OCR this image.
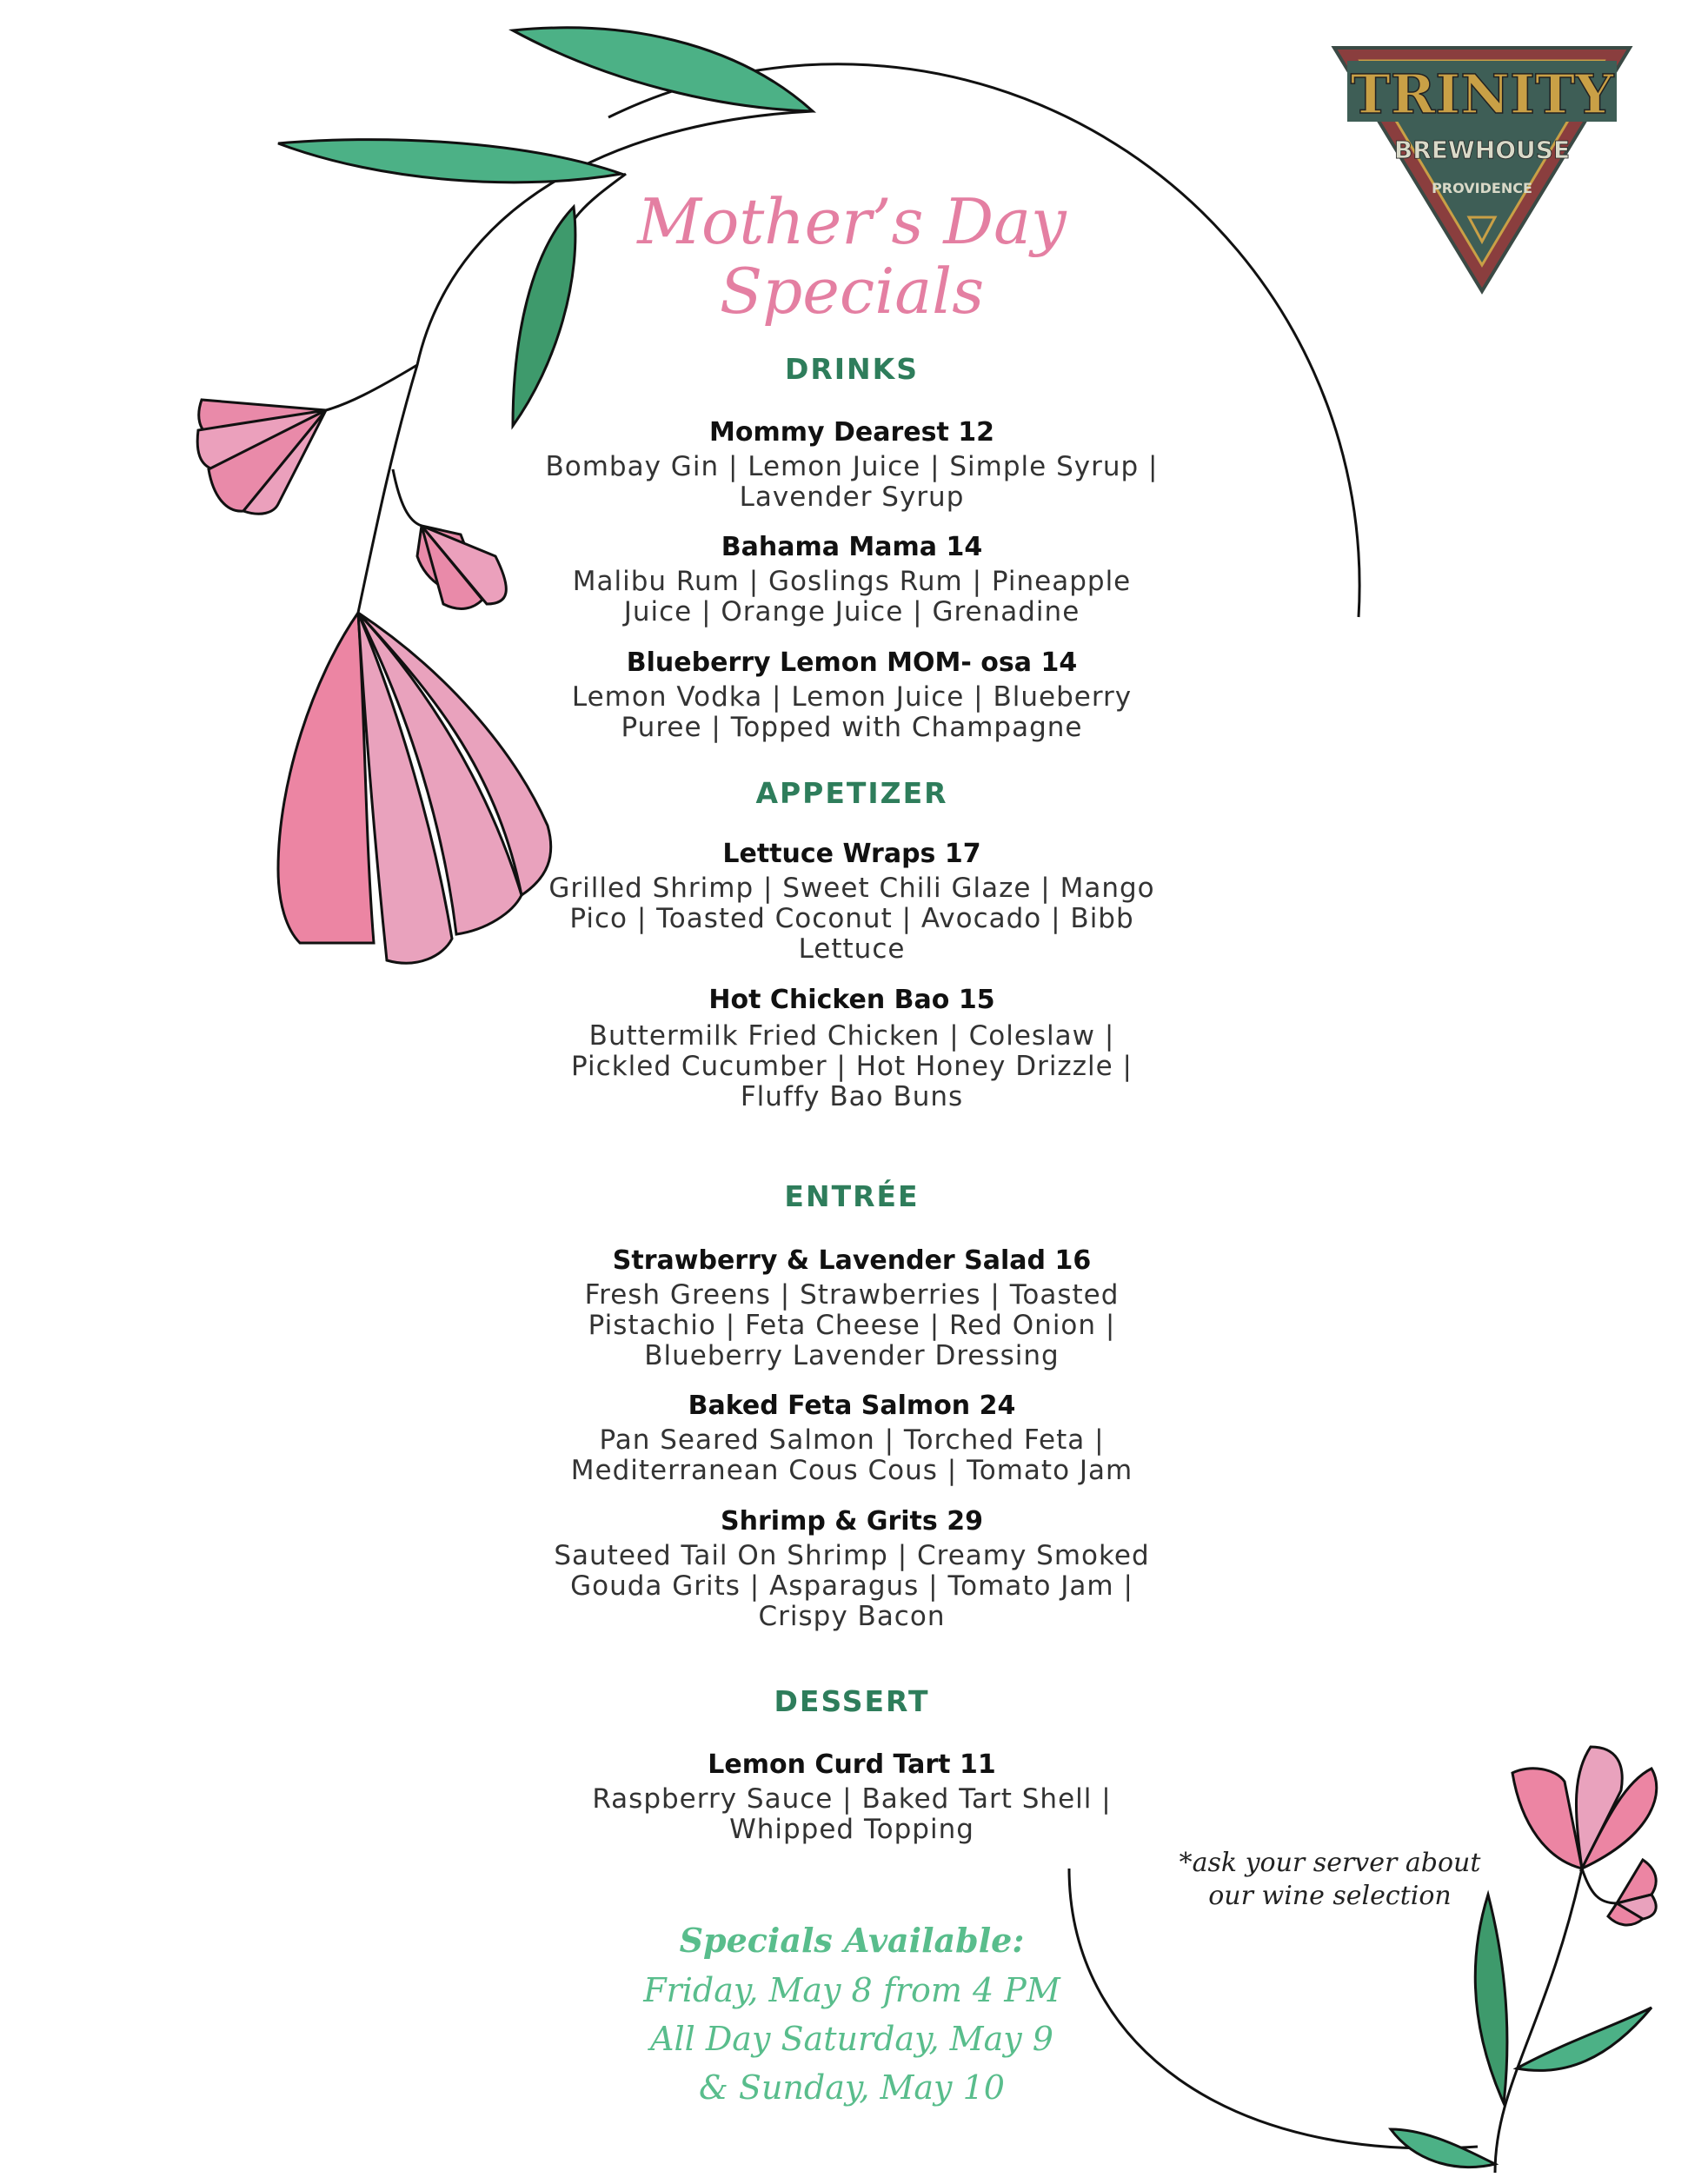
TRINITY
BREWHOUSE
PROVIDENCE
Mother’s Day
Specials
DRINKS
Mommy Dearest 12
Bombay Gin | Lemon Juice | Simple Syrup |
Lavender Syrup
Bahama Mama 14
Malibu Rum | Goslings Rum | Pineapple
Juice | Orange Juice | Grenadine
Blueberry Lemon MOM- osa 14
Lemon Vodka | Lemon Juice | Blueberry
Puree | Topped with Champagne
APPETIZER
Lettuce Wraps 17
Grilled Shrimp | Sweet Chili Glaze | Mango
Pico | Toasted Coconut | Avocado | Bibb
Lettuce
Hot Chicken Bao 15
Buttermilk Fried Chicken | Coleslaw |
Pickled Cucumber | Hot Honey Drizzle |
Fluffy Bao Buns
ENTRÉE
Strawberry & Lavender Salad 16
Fresh Greens | Strawberries | Toasted
Pistachio | Feta Cheese | Red Onion |
Blueberry Lavender Dressing
Baked Feta Salmon 24
Pan Seared Salmon | Torched Feta |
Mediterranean Cous Cous | Tomato Jam
Shrimp & Grits 29
Sauteed Tail On Shrimp | Creamy Smoked
Gouda Grits | Asparagus | Tomato Jam |
Crispy Bacon
DESSERT
Lemon Curd Tart 11
Raspberry Sauce | Baked Tart Shell |
Whipped Topping
*ask your server about
our wine selection
Specials Available:
Friday, May 8 from 4 PM
All Day Saturday, May 9
& Sunday, May 10
